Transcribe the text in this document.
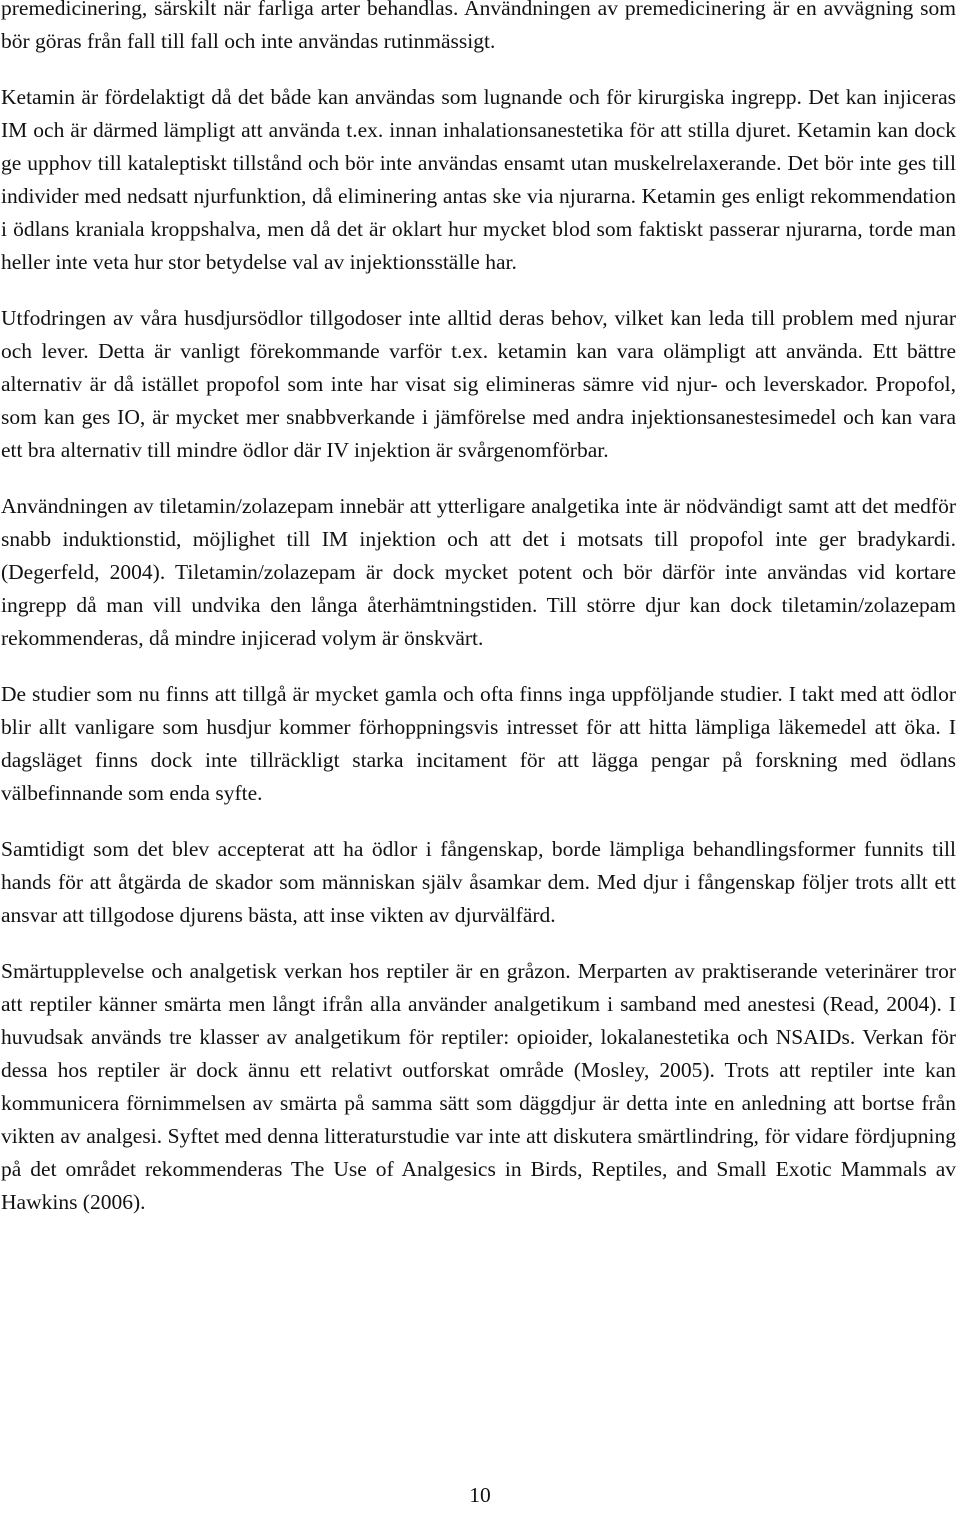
premedicinering, särskilt när farliga arter behandlas. Användningen av premedicinering är en avvägning som bör göras från fall till fall och inte användas rutinmässigt.

Ketamin är fördelaktigt då det både kan användas som lugnande och för kirurgiska ingrepp. Det kan injiceras IM och är därmed lämpligt att använda t.ex. innan inhalationsanestetika för att stilla djuret. Ketamin kan dock ge upphov till kataleptiskt tillstånd och bör inte användas ensamt utan muskelrelaxerande. Det bör inte ges till individer med nedsatt njurfunktion, då eliminering antas ske via njurarna. Ketamin ges enligt rekommendation i ödlans kraniala kroppshalva, men då det är oklart hur mycket blod som faktiskt passerar njurarna, torde man heller inte veta hur stor betydelse val av injektionsställe har.

Utfodringen av våra husdjursödlor tillgodoser inte alltid deras behov, vilket kan leda till problem med njurar och lever. Detta är vanligt förekommande varför t.ex. ketamin kan vara olämpligt att använda. Ett bättre alternativ är då istället propofol som inte har visat sig elimineras sämre vid njur- och leverskador. Propofol, som kan ges IO, är mycket mer snabbverkande i jämförelse med andra injektionsanestesimedel och kan vara ett bra alternativ till mindre ödlor där IV injektion är svårgenomförbar.

Användningen av tiletamin/zolazepam innebär att ytterligare analgetika inte är nödvändigt samt att det medför snabb induktionstid, möjlighet till IM injektion och att det i motsats till propofol inte ger bradykardi. (Degerfeld, 2004). Tiletamin/zolazepam är dock mycket potent och bör därför inte användas vid kortare ingrepp då man vill undvika den långa återhämtningstiden. Till större djur kan dock tiletamin/zolazepam rekommenderas, då mindre injicerad volym är önskvärt.

De studier som nu finns att tillgå är mycket gamla och ofta finns inga uppföljande studier. I takt med att ödlor blir allt vanligare som husdjur kommer förhoppningsvis intresset för att hitta lämpliga läkemedel att öka. I dagsläget finns dock inte tillräckligt starka incitament för att lägga pengar på forskning med ödlans välbefinnande som enda syfte.

Samtidigt som det blev accepterat att ha ödlor i fångenskap, borde lämpliga behandlingsformer funnits till hands för att åtgärda de skador som människan själv åsamkar dem. Med djur i fångenskap följer trots allt ett ansvar att tillgodose djurens bästa, att inse vikten av djurvälfärd.

Smärtupplevelse och analgetisk verkan hos reptiler är en gråzon. Merparten av praktiserande veterinärer tror att reptiler känner smärta men långt ifrån alla använder analgetikum i samband med anestesi (Read, 2004). I huvudsak används tre klasser av analgetikum för reptiler: opioider, lokalanestetika och NSAIDs. Verkan för dessa hos reptiler är dock ännu ett relativt outforskat område (Mosley, 2005). Trots att reptiler inte kan kommunicera förnimmelsen av smärta på samma sätt som däggdjur är detta inte en anledning att bortse från vikten av analgesi. Syftet med denna litteraturstudie var inte att diskutera smärtlindring, för vidare fördjupning på det området rekommenderas The Use of Analgesics in Birds, Reptiles, and Small Exotic Mammals av Hawkins (2006).

10
